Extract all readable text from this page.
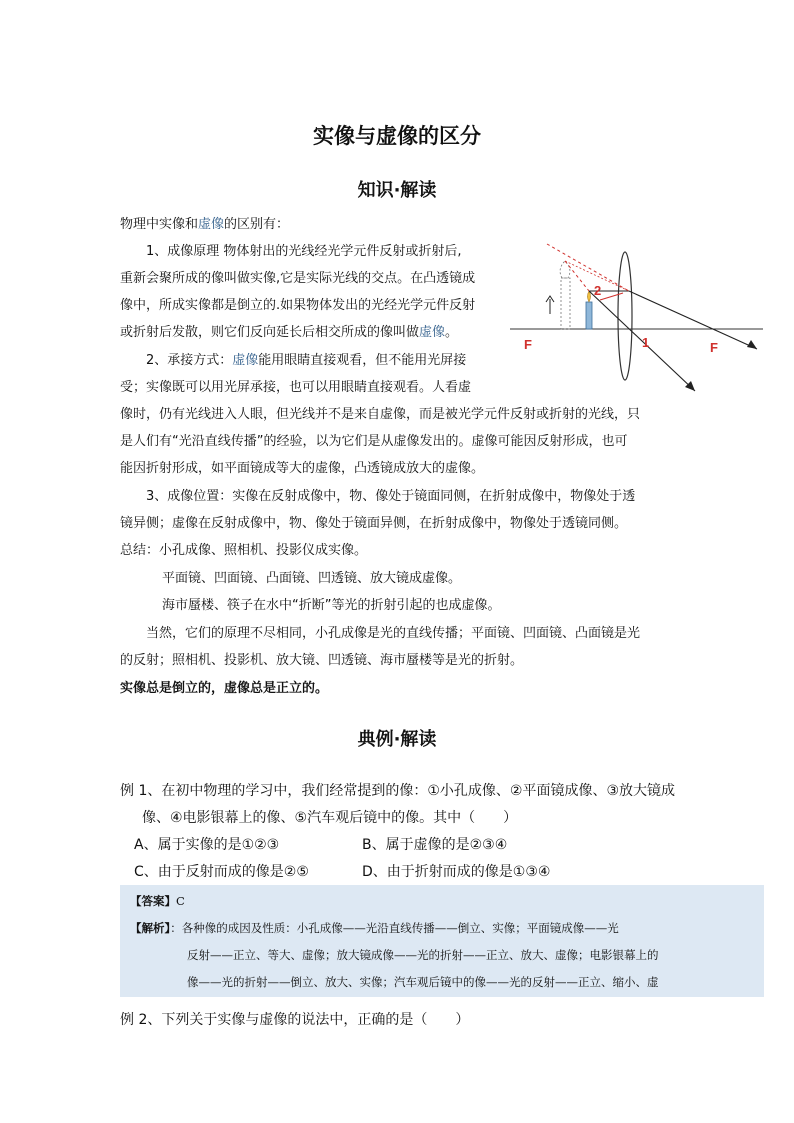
实像与虚像的区分
知识·解读
物理中实像和虚像的区别有：
1、成像原理 物体射出的光线经光学元件反射或折射后,
重新会聚所成的像叫做实像,它是实际光线的交点。在凸透镜成
像中，所成实像都是倒立的.如果物体发出的光经光学元件反射
或折射后发散，则它们反向延长后相交所成的像叫做虚像。
2、承接方式：虚像能用眼睛直接观看，但不能用光屏接
受；实像既可以用光屏承接，也可以用眼睛直接观看。人看虚
像时，仍有光线进入人眼，但光线并不是来自虚像，而是被光学元件反射或折射的光线，只
是人们有“光沿直线传播”的经验，以为它们是从虚像发出的。虚像可能因反射形成，也可
能因折射形成，如平面镜成等大的虚像，凸透镜成放大的虚像。
3、成像位置：实像在反射成像中，物、像处于镜面同侧，在折射成像中，物像处于透
镜异侧；虚像在反射成像中，物、像处于镜面异侧，在折射成像中，物像处于透镜同侧。
总结：小孔成像、照相机、投影仪成实像。
平面镜、凹面镜、凸面镜、凹透镜、放大镜成虚像。
海市蜃楼、筷子在水中“折断”等光的折射引起的也成虚像。
当然，它们的原理不尽相同，小孔成像是光的直线传播；平面镜、凹面镜、凸面镜是光
的反射；照相机、投影机、放大镜、凹透镜、海市蜃楼等是光的折射。
实像总是倒立的，虚像总是正立的。
F	F
1
2
典例·解读
例 1、在初中物理的学习中，我们经常提到的像：①小孔成像、②平面镜成像、③放大镜成
像、④电影银幕上的像、⑤汽车观后镜中的像。其中（　　）
A、属于实像的是①②③	B、属于虚像的是②③④
C、由于反射而成的像是②⑤	D、由于折射而成的像是①③④
【答案】C
【解析】：各种像的成因及性质：小孔成像——光沿直线传播——倒立、实像；平面镜成像——光
反射——正立、等大、虚像；放大镜成像——光的折射——正立、放大、虚像；电影银幕上的
像——光的折射——倒立、放大、实像；汽车观后镜中的像——光的反射——正立、缩小、虚
例 2、下列关于实像与虚像的说法中，正确的是（　　）
